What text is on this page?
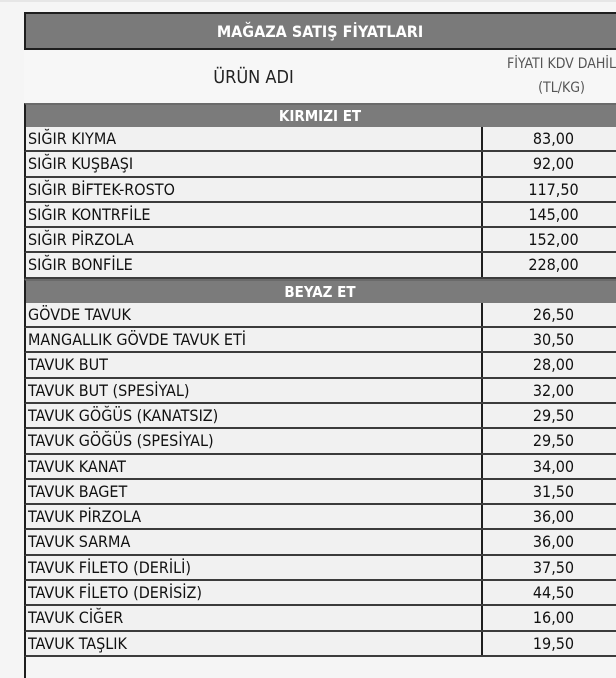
MAĞAZA SATIŞ FİYATLARI
ÜRÜN ADI
FİYATI KDV DAHİL
(TL/KG)
KIRMIZI ET
SIĞIR KIYMA	83,00
SIĞIR KUŞBAŞI	92,00
SIĞIR BİFTEK-ROSTO	117,50
SIĞIR KONTRFİLE	145,00
SIĞIR PİRZOLA	152,00
SIĞIR BONFİLE	228,00
BEYAZ ET
GÖVDE TAVUK	26,50
MANGALLIK GÖVDE TAVUK ETİ	30,50
TAVUK BUT	28,00
TAVUK BUT (SPESİYAL)	32,00
TAVUK GÖĞÜS (KANATSIZ)	29,50
TAVUK GÖĞÜS (SPESİYAL)	29,50
TAVUK KANAT	34,00
TAVUK BAGET	31,50
TAVUK PİRZOLA	36,00
TAVUK SARMA	36,00
TAVUK FİLETO (DERİLİ)	37,50
TAVUK FİLETO (DERİSİZ)	44,50
TAVUK CİĞER	16,00
TAVUK TAŞLIK	19,50
